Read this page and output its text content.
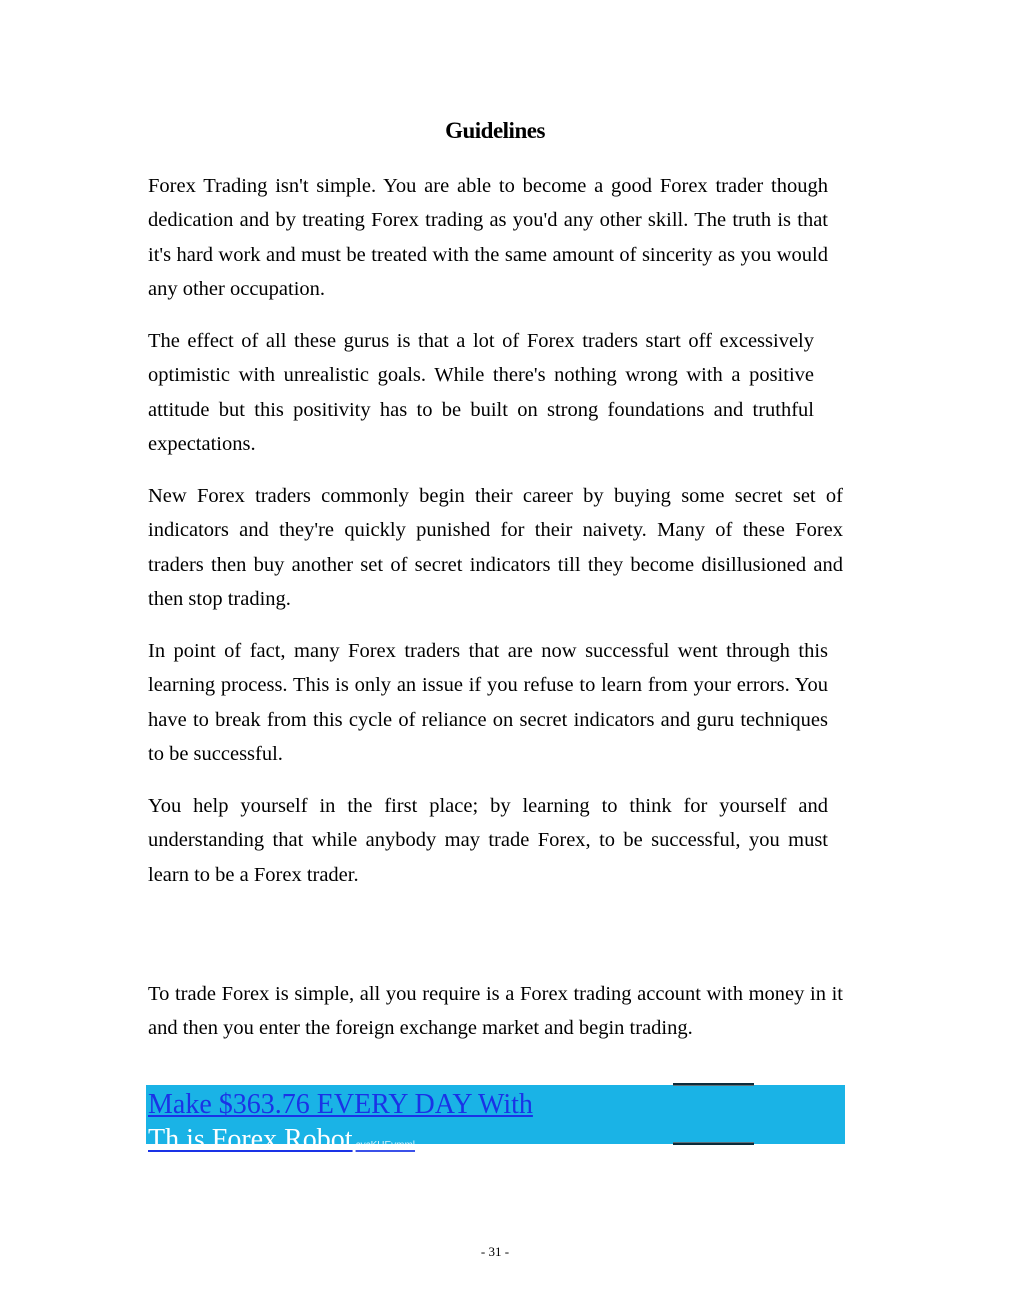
Guidelines

Forex Trading isn't simple. You are able to become a good Forex trader though dedication and by treating Forex trading as you'd any other skill. The truth is that it's hard work and must be treated with the same amount of sincerity as you would any other occupation.

The effect of all these gurus is that a lot of Forex traders start off excessively optimistic with unrealistic goals. While there's nothing wrong with a positive attitude but this positivity has to be built on strong foundations and truthful expectations.

New Forex traders commonly begin their career by buying some secret set of indicators and they're quickly punished for their naivety. Many of these Forex traders then buy another set of secret indicators till they become disillusioned and then stop trading.

In point of fact, many Forex traders that are now successful went through this learning process. This is only an issue if you refuse to learn from your errors. You have to break from this cycle of reliance on secret indicators and guru techniques to be successful.

You help yourself in the first place; by learning to think for yourself and understanding that while anybody may trade Forex, to be successful, you must learn to be a Forex trader.

To trade Forex is simple, all you require is a Forex trading account with money in it and then you enter the foreign exchange market and begin trading.

Make $363.76 EVERY DAY With
Th is Forex Robot cycKHEvmml
- 31 -
